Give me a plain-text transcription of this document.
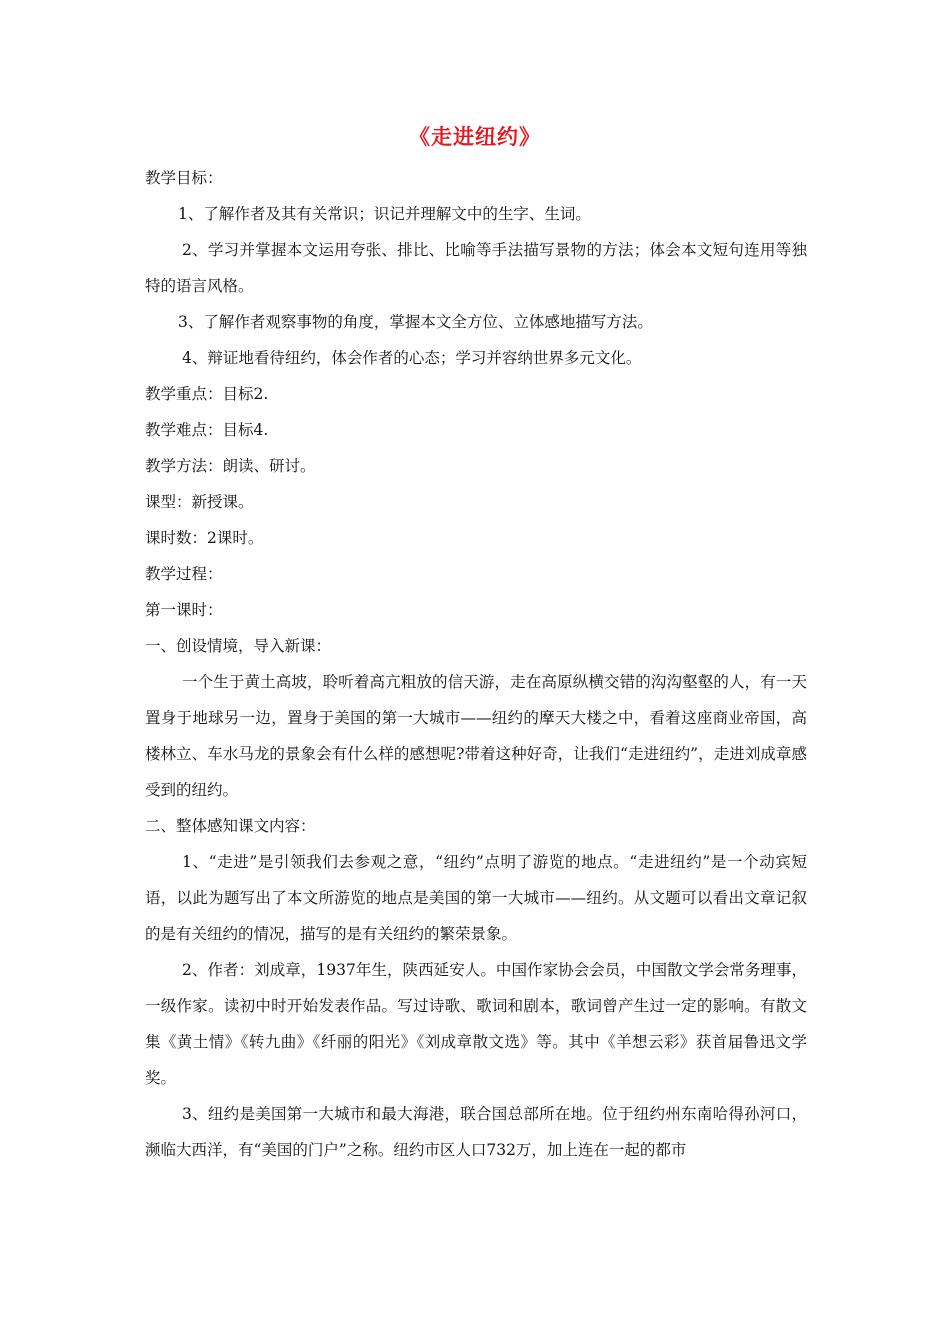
《走进纽约》

教学目标：

1、了解作者及其有关常识；识记并理解文中的生字、生词。

2、学习并掌握本文运用夸张、排比、比喻等手法描写景物的方法；体会本文短句连用等独特的语言风格。

3、了解作者观察事物的角度，掌握本文全方位、立体感地描写方法。

4、辩证地看待纽约，体会作者的心态；学习并容纳世界多元文化。

教学重点：目标2.

教学难点：目标4.

教学方法：朗读、研讨。

课型：新授课。

课时数：2课时。

教学过程：

第一课时：

一、创设情境，导入新课：

一个生于黄土高坡，聆听着高亢粗放的信天游，走在高原纵横交错的沟沟壑壑的人，有一天置身于地球另一边，置身于美国的第一大城市——纽约的摩天大楼之中，看着这座商业帝国，高楼林立、车水马龙的景象会有什么样的感想呢?带着这种好奇，让我们“走进纽约”，走进刘成章感受到的纽约。

二、整体感知课文内容：

1、“走进”是引领我们去参观之意，“纽约”点明了游览的地点。“走进纽约”是一个动宾短语，以此为题写出了本文所游览的地点是美国的第一大城市——纽约。从文题可以看出文章记叙的是有关纽约的情况，描写的是有关纽约的繁荣景象。

2、作者：刘成章，1937年生，陕西延安人。中国作家协会会员，中国散文学会常务理事，一级作家。读初中时开始发表作品。写过诗歌、歌词和剧本，歌词曾产生过一定的影响。有散文集《黄土情》《转九曲》《纤丽的阳光》《刘成章散文选》等。其中《羊想云彩》获首届鲁迅文学奖。

3、纽约是美国第一大城市和最大海港，联合国总部所在地。位于纽约州东南哈得孙河口，濒临大西洋，有“美国的门户”之称。纽约市区人口732万，加上连在一起的都市
